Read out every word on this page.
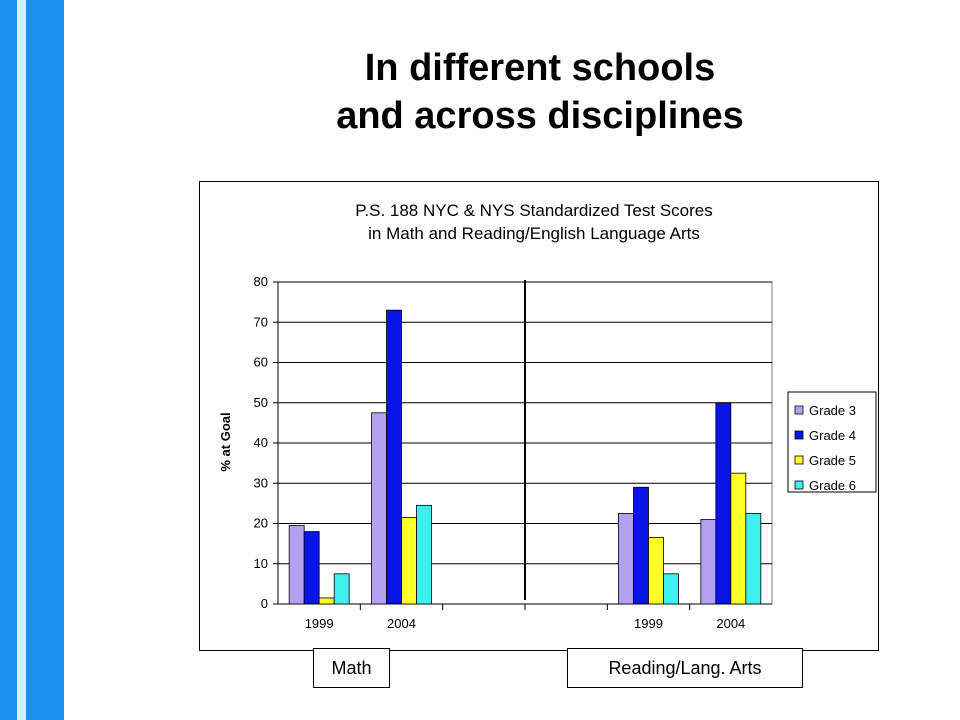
In different schools
and across disciplines
P.S. 188 NYC & NYS Standardized Test Scores
in Math and Reading/English Language Arts
% at Goal
0
10
20
30
40
50
60
70
80
1999	2004	1999	2004
Grade 3
Grade 4
Grade 5
Grade 6
Math	Reading/Lang. Arts
